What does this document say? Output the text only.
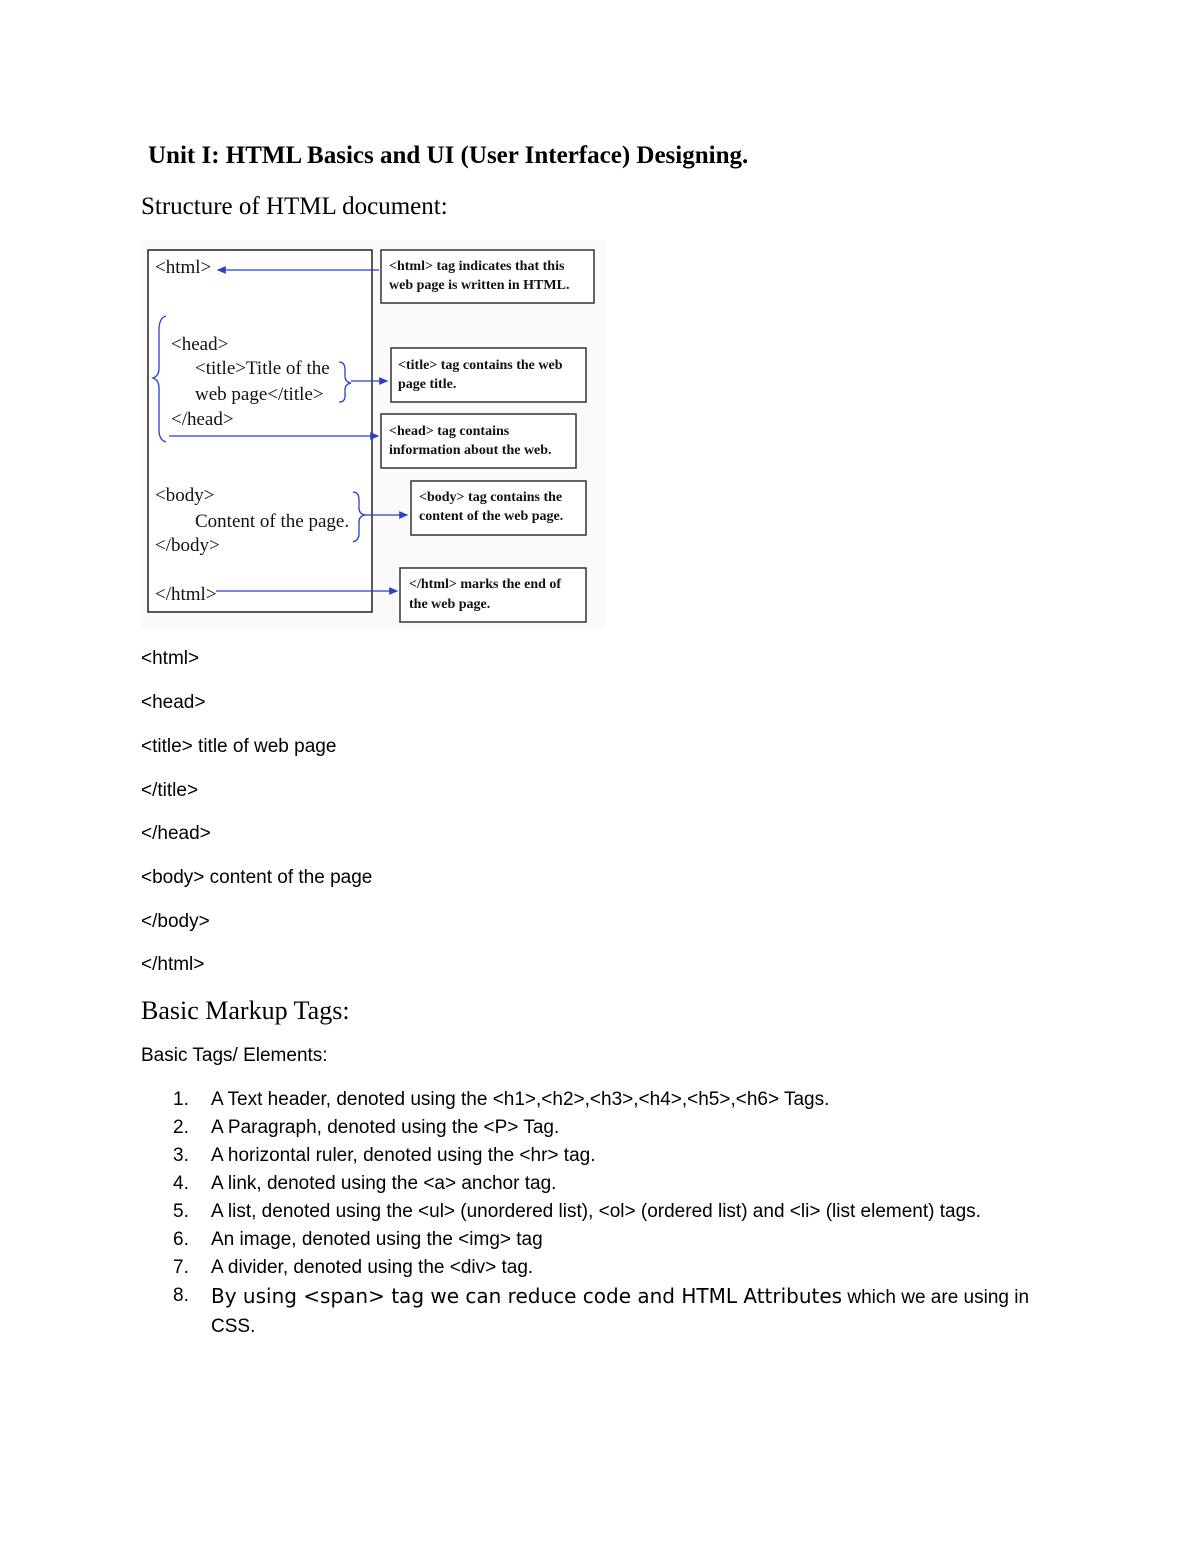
Unit I: HTML Basics and UI (User Interface) Designing.
Structure of HTML document:
<html>
<head>
<title>Title of the
web page</title>
</head>
<body>
Content of the page.
</body>
</html>
<html> tag indicates that this
web page is written in HTML.
<title> tag contains the web
page title.
<head> tag contains
information about the web.
<body> tag contains the
content of the web page.
</html> marks the end of
the web page.
<html>
<head>
<title> title of web page
</title>
</head>
<body> content of the page
</body>
</html>
Basic Markup Tags:
Basic Tags/ Elements:
1.	A Text header, denoted using the <h1>,<h2>,<h3>,<h4>,<h5>,<h6> Tags.
2.	A Paragraph, denoted using the <P> Tag.
3.	A horizontal ruler, denoted using the <hr> tag.
4.	A link, denoted using the <a> anchor tag.
5.	A list, denoted using the <ul> (unordered list), <ol> (ordered list) and <li> (list element) tags.
6.	An image, denoted using the <img> tag
7.	A divider, denoted using the <div> tag.
8.	By using <span> tag we can reduce code and HTML Attributes which we are using in CSS.
